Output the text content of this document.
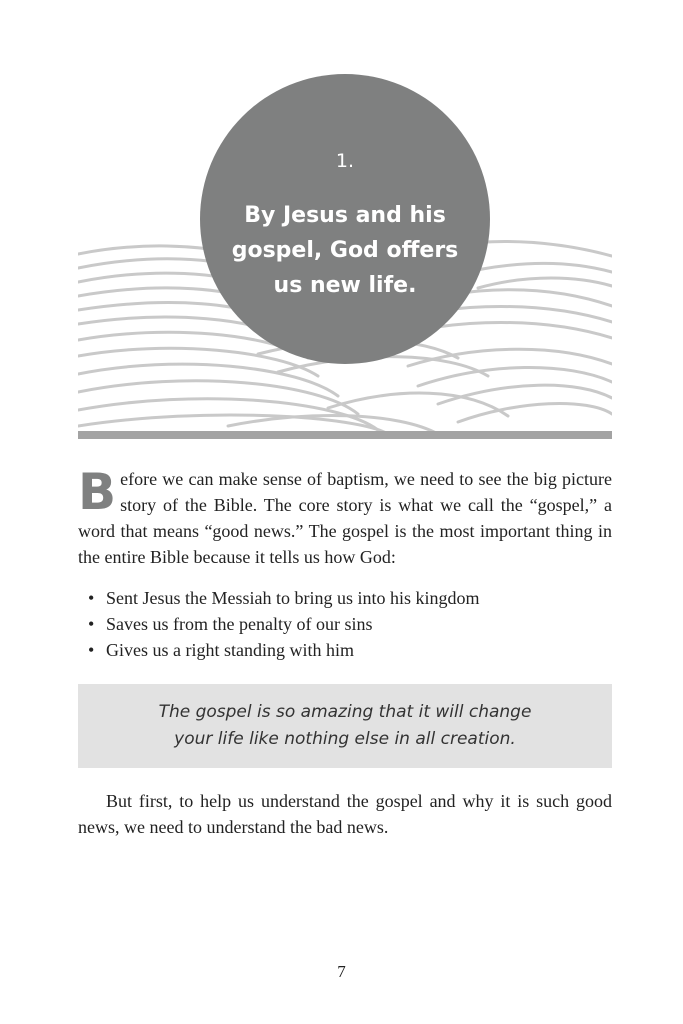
1.
By Jesus and his gospel, God offers us new life.

Before we can make sense of baptism, we need to see the big picture story of the Bible. The core story is what we call the “gospel,” a word that means “good news.” The gospel is the most important thing in the entire Bible because it tells us how God:

• Sent Jesus the Messiah to bring us into his kingdom
• Saves us from the penalty of our sins
• Gives us a right standing with him
The gospel is so amazing that it will change
your life like nothing else in all creation.

But first, to help us understand the gospel and why it is such good news, we need to understand the bad news.

7
